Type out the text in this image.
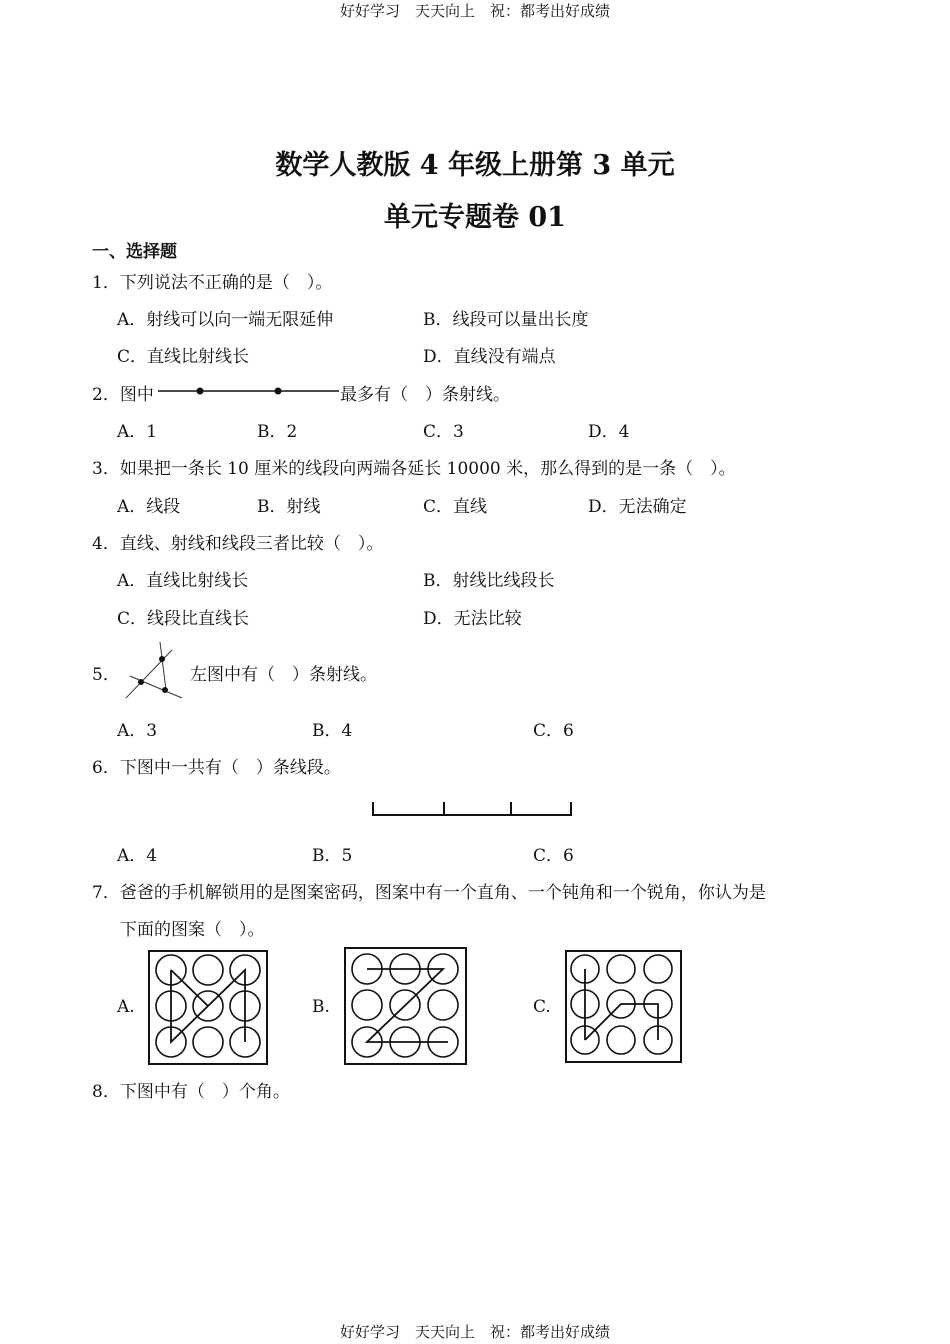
好好学习　天天向上　祝：都考出好成绩
数学人教版 4 年级上册第 3 单元
单元专题卷 01
一、选择题
1．下列说法不正确的是（　）。
A．射线可以向一端无限延伸	B．线段可以量出长度
C．直线比射线长	D．直线没有端点
2．图中	最多有（　）条射线。
A．1	B．2	C．3	D．4
3．如果把一条长 10 厘米的线段向两端各延长 10000 米，那么得到的是一条（　）。
A．线段	B．射线	C．直线	D．无法确定
4．直线、射线和线段三者比较（　）。
A．直线比射线长	B．射线比线段长
C．线段比直线长	D．无法比较
5．	左图中有（　）条射线。
A．3	B．4	C．6
6．下图中一共有（　）条线段。
A．4	B．5	C．6
7．爸爸的手机解锁用的是图案密码，图案中有一个直角、一个钝角和一个锐角，你认为是
下面的图案（　）。
A.	B.	C.
8．下图中有（　）个角。
好好学习　天天向上　祝：都考出好成绩
